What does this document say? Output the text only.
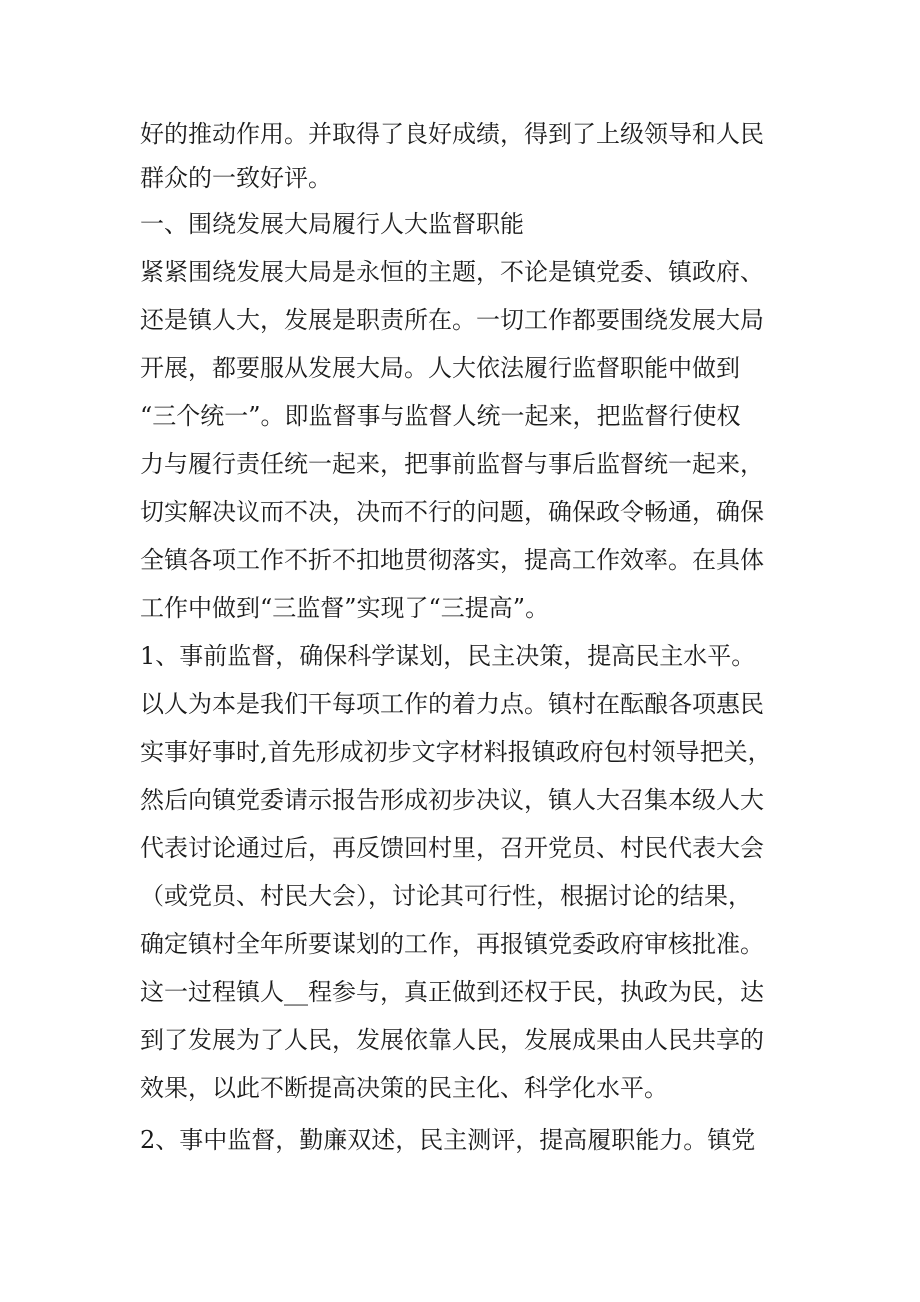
好的推动作用。并取得了良好成绩，得到了上级领导和人民
群众的一致好评。
一、围绕发展大局履行人大监督职能
紧紧围绕发展大局是永恒的主题，不论是镇党委、镇政府、
还是镇人大，发展是职责所在。一切工作都要围绕发展大局
开展，都要服从发展大局。人大依法履行监督职能中做到
“三个统一”。即监督事与监督人统一起来，把监督行使权
力与履行责任统一起来，把事前监督与事后监督统一起来，
切实解决议而不决，决而不行的问题，确保政令畅通，确保
全镇各项工作不折不扣地贯彻落实，提高工作效率。在具体
工作中做到“三监督”实现了“三提高”。
1、事前监督，确保科学谋划，民主决策，提高民主水平。
以人为本是我们干每项工作的着力点。镇村在酝酿各项惠民
实事好事时,首先形成初步文字材料报镇政府包村领导把关，
然后向镇党委请示报告形成初步决议，镇人大召集本级人大
代表讨论通过后，再反馈回村里，召开党员、村民代表大会
（或党员、村民大会），讨论其可行性，根据讨论的结果，
确定镇村全年所要谋划的工作，再报镇党委政府审核批准。
这一过程镇人__程参与，真正做到还权于民，执政为民，达
到了发展为了人民，发展依靠人民，发展成果由人民共享的
效果，以此不断提高决策的民主化、科学化水平。
2、事中监督，勤廉双述，民主测评，提高履职能力。镇党
